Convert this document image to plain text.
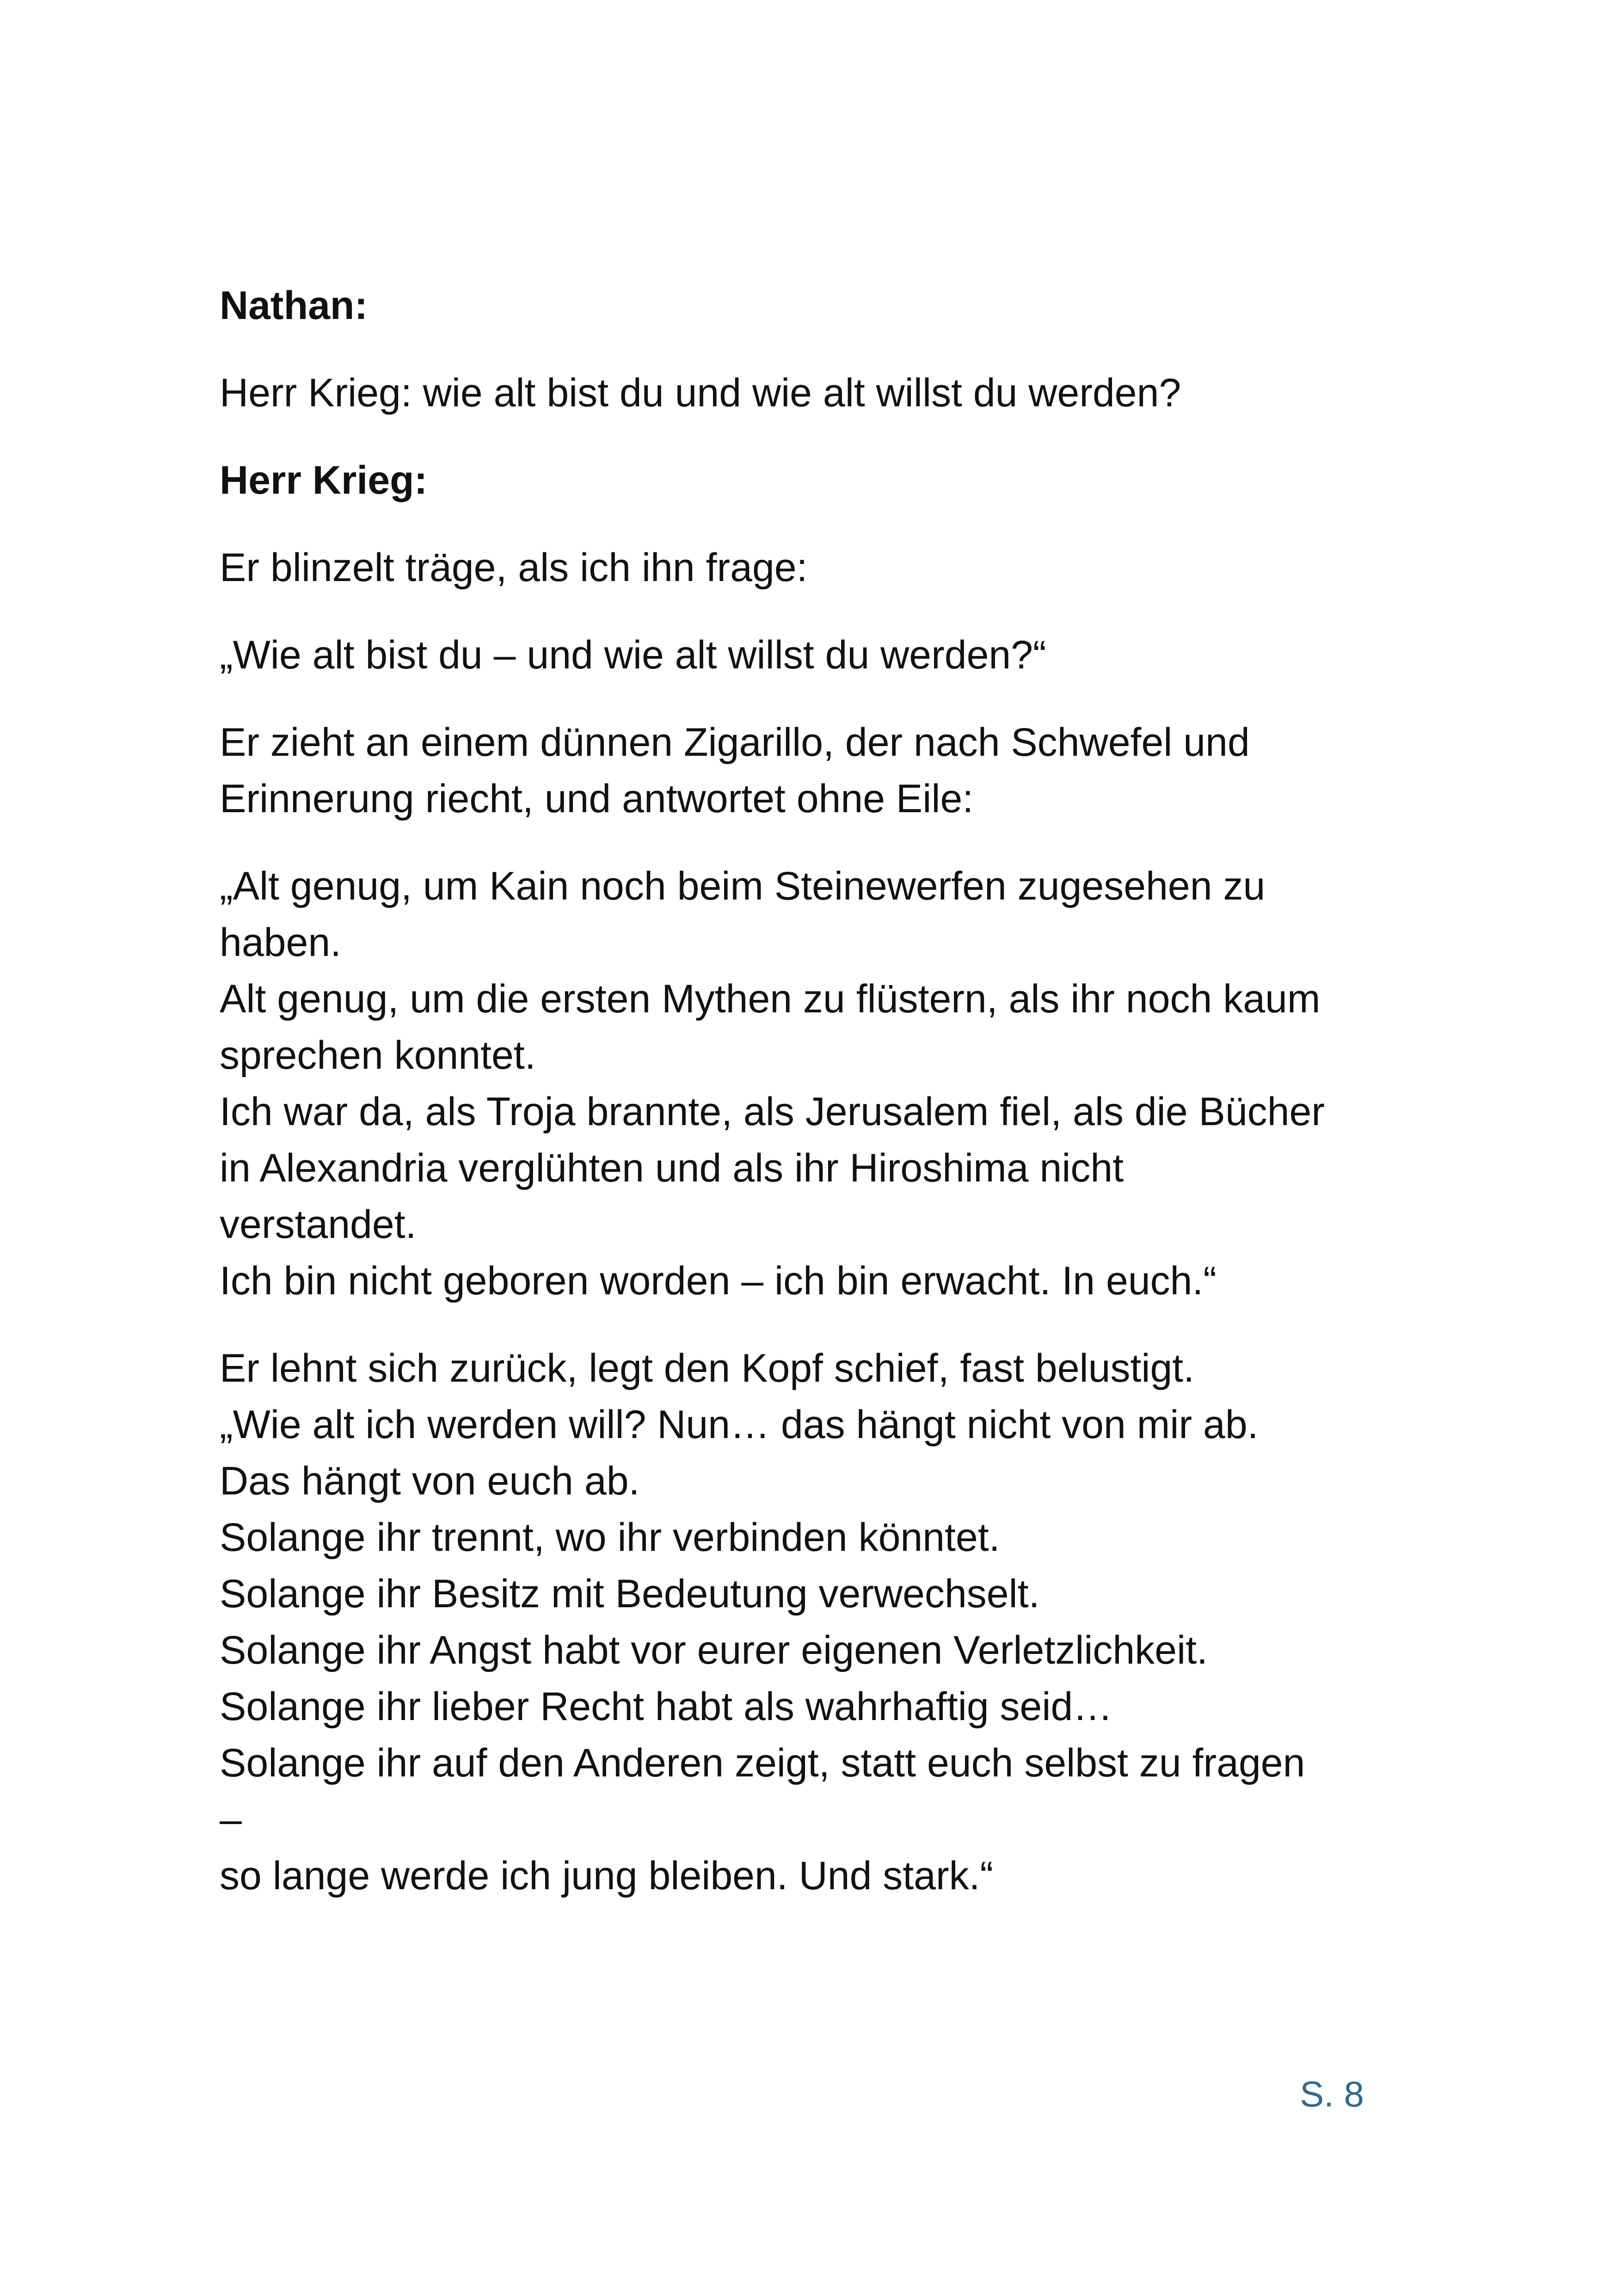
Nathan:
Herr Krieg: wie alt bist du und wie alt willst du werden?
Herr Krieg:
Er blinzelt träge, als ich ihn frage:
„Wie alt bist du – und wie alt willst du werden?“
Er zieht an einem dünnen Zigarillo, der nach Schwefel und
Erinnerung riecht, und antwortet ohne Eile:
„Alt genug, um Kain noch beim Steinewerfen zugesehen zu
haben.
Alt genug, um die ersten Mythen zu flüstern, als ihr noch kaum
sprechen konntet.
Ich war da, als Troja brannte, als Jerusalem fiel, als die Bücher
in Alexandria verglühten und als ihr Hiroshima nicht
verstandet.
Ich bin nicht geboren worden – ich bin erwacht. In euch.“
Er lehnt sich zurück, legt den Kopf schief, fast belustigt.
„Wie alt ich werden will? Nun… das hängt nicht von mir ab.
Das hängt von euch ab.
Solange ihr trennt, wo ihr verbinden könntet.
Solange ihr Besitz mit Bedeutung verwechselt.
Solange ihr Angst habt vor eurer eigenen Verletzlichkeit.
Solange ihr lieber Recht habt als wahrhaftig seid…
Solange ihr auf den Anderen zeigt, statt euch selbst zu fragen
–
so lange werde ich jung bleiben. Und stark.“
S. 8
